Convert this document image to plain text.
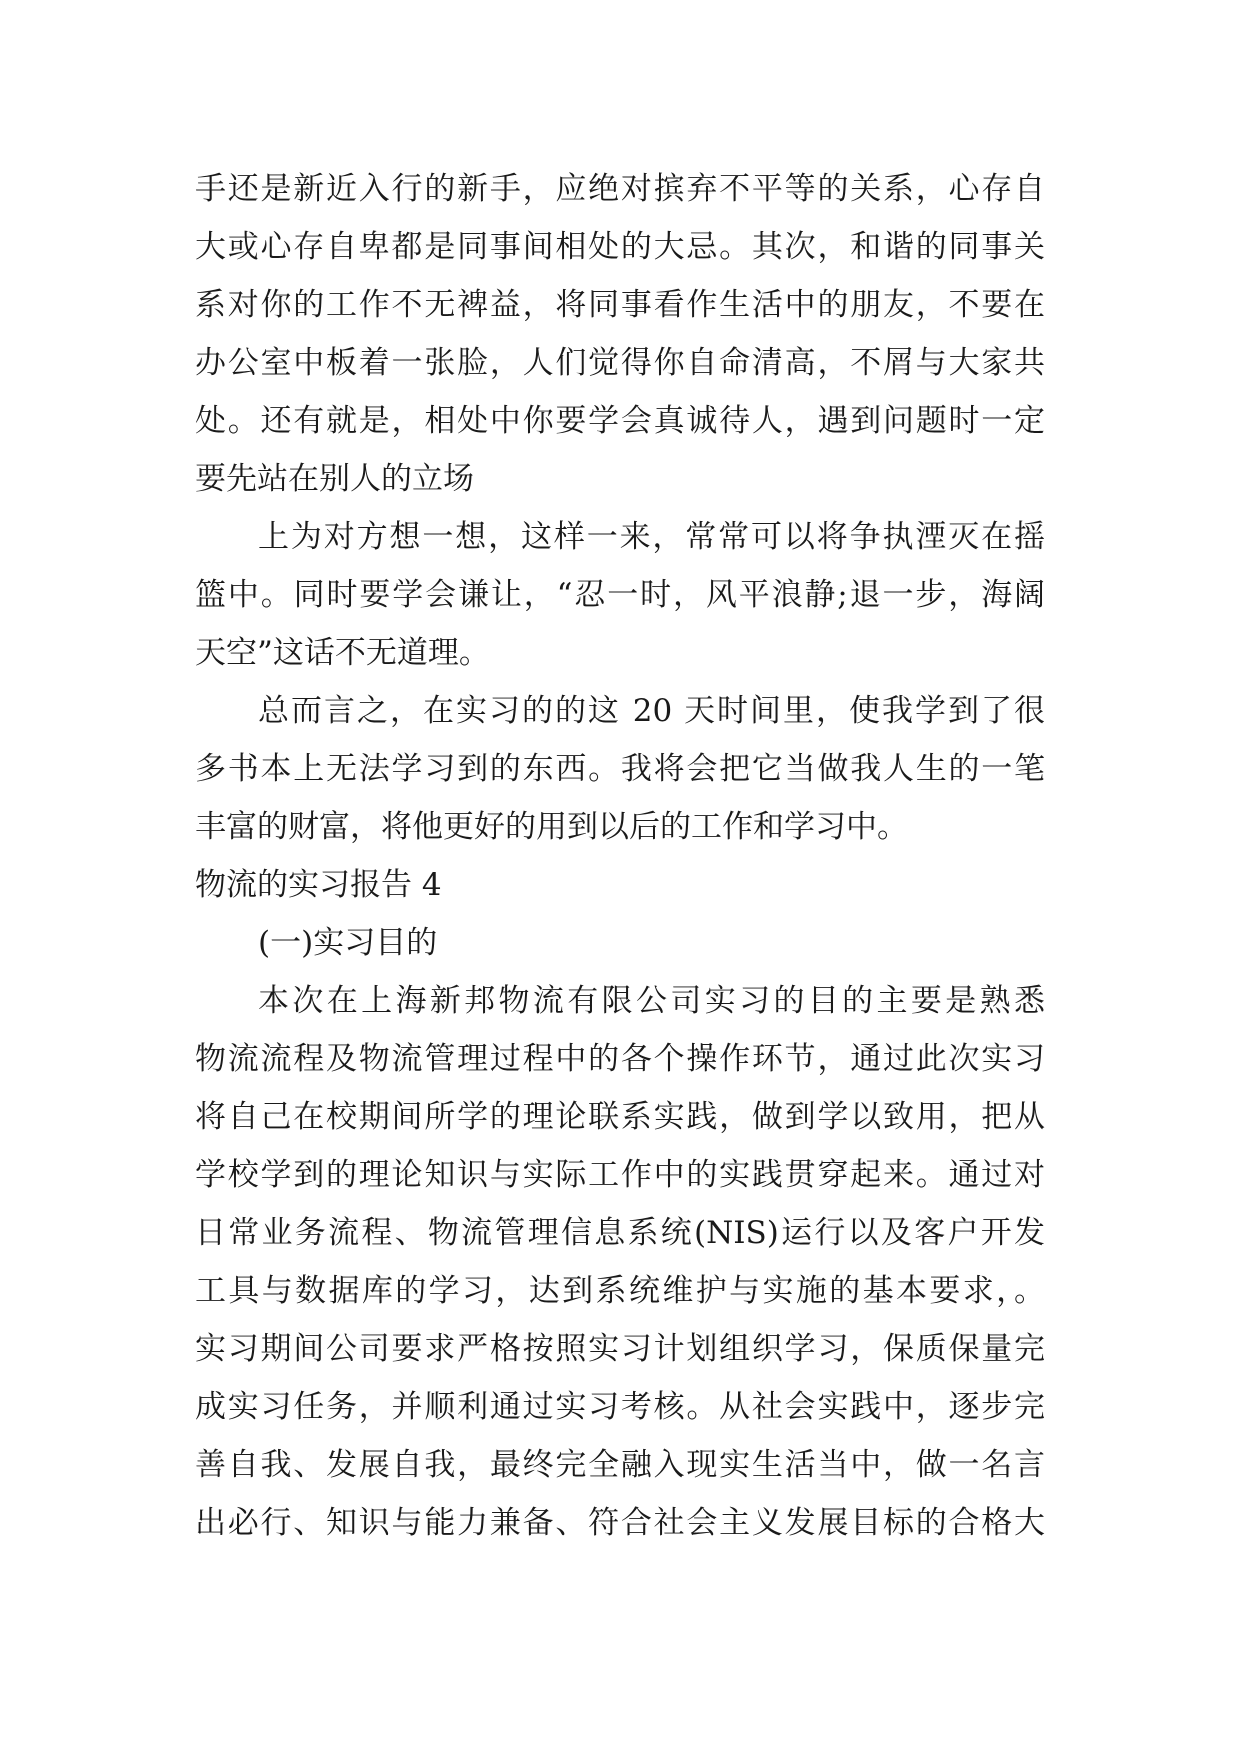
手还是新近入行的新手，应绝对摈弃不平等的关系，心存自
大或心存自卑都是同事间相处的大忌。其次，和谐的同事关
系对你的工作不无裨益，将同事看作生活中的朋友，不要在
办公室中板着一张脸，人们觉得你自命清高，不屑与大家共
处。还有就是，相处中你要学会真诚待人，遇到问题时一定
要先站在别人的立场
上为对方想一想，这样一来，常常可以将争执湮灭在摇
篮中。同时要学会谦让，“忍一时，风平浪静;退一步，海阔
天空”这话不无道理。
总而言之，在实习的的这 20 天时间里，使我学到了很
多书本上无法学习到的东西。我将会把它当做我人生的一笔
丰富的财富，将他更好的用到以后的工作和学习中。
物流的实习报告 4
(一)实习目的
本次在上海新邦物流有限公司实习的目的主要是熟悉
物流流程及物流管理过程中的各个操作环节，通过此次实习
将自己在校期间所学的理论联系实践，做到学以致用，把从
学校学到的理论知识与实际工作中的实践贯穿起来。通过对
日常业务流程、物流管理信息系统(NIS)运行以及客户开发
工具与数据库的学习，达到系统维护与实施的基本要求，。
实习期间公司要求严格按照实习计划组织学习，保质保量完
成实习任务，并顺利通过实习考核。从社会实践中，逐步完
善自我、发展自我，最终完全融入现实生活当中，做一名言
出必行、知识与能力兼备、符合社会主义发展目标的合格大
